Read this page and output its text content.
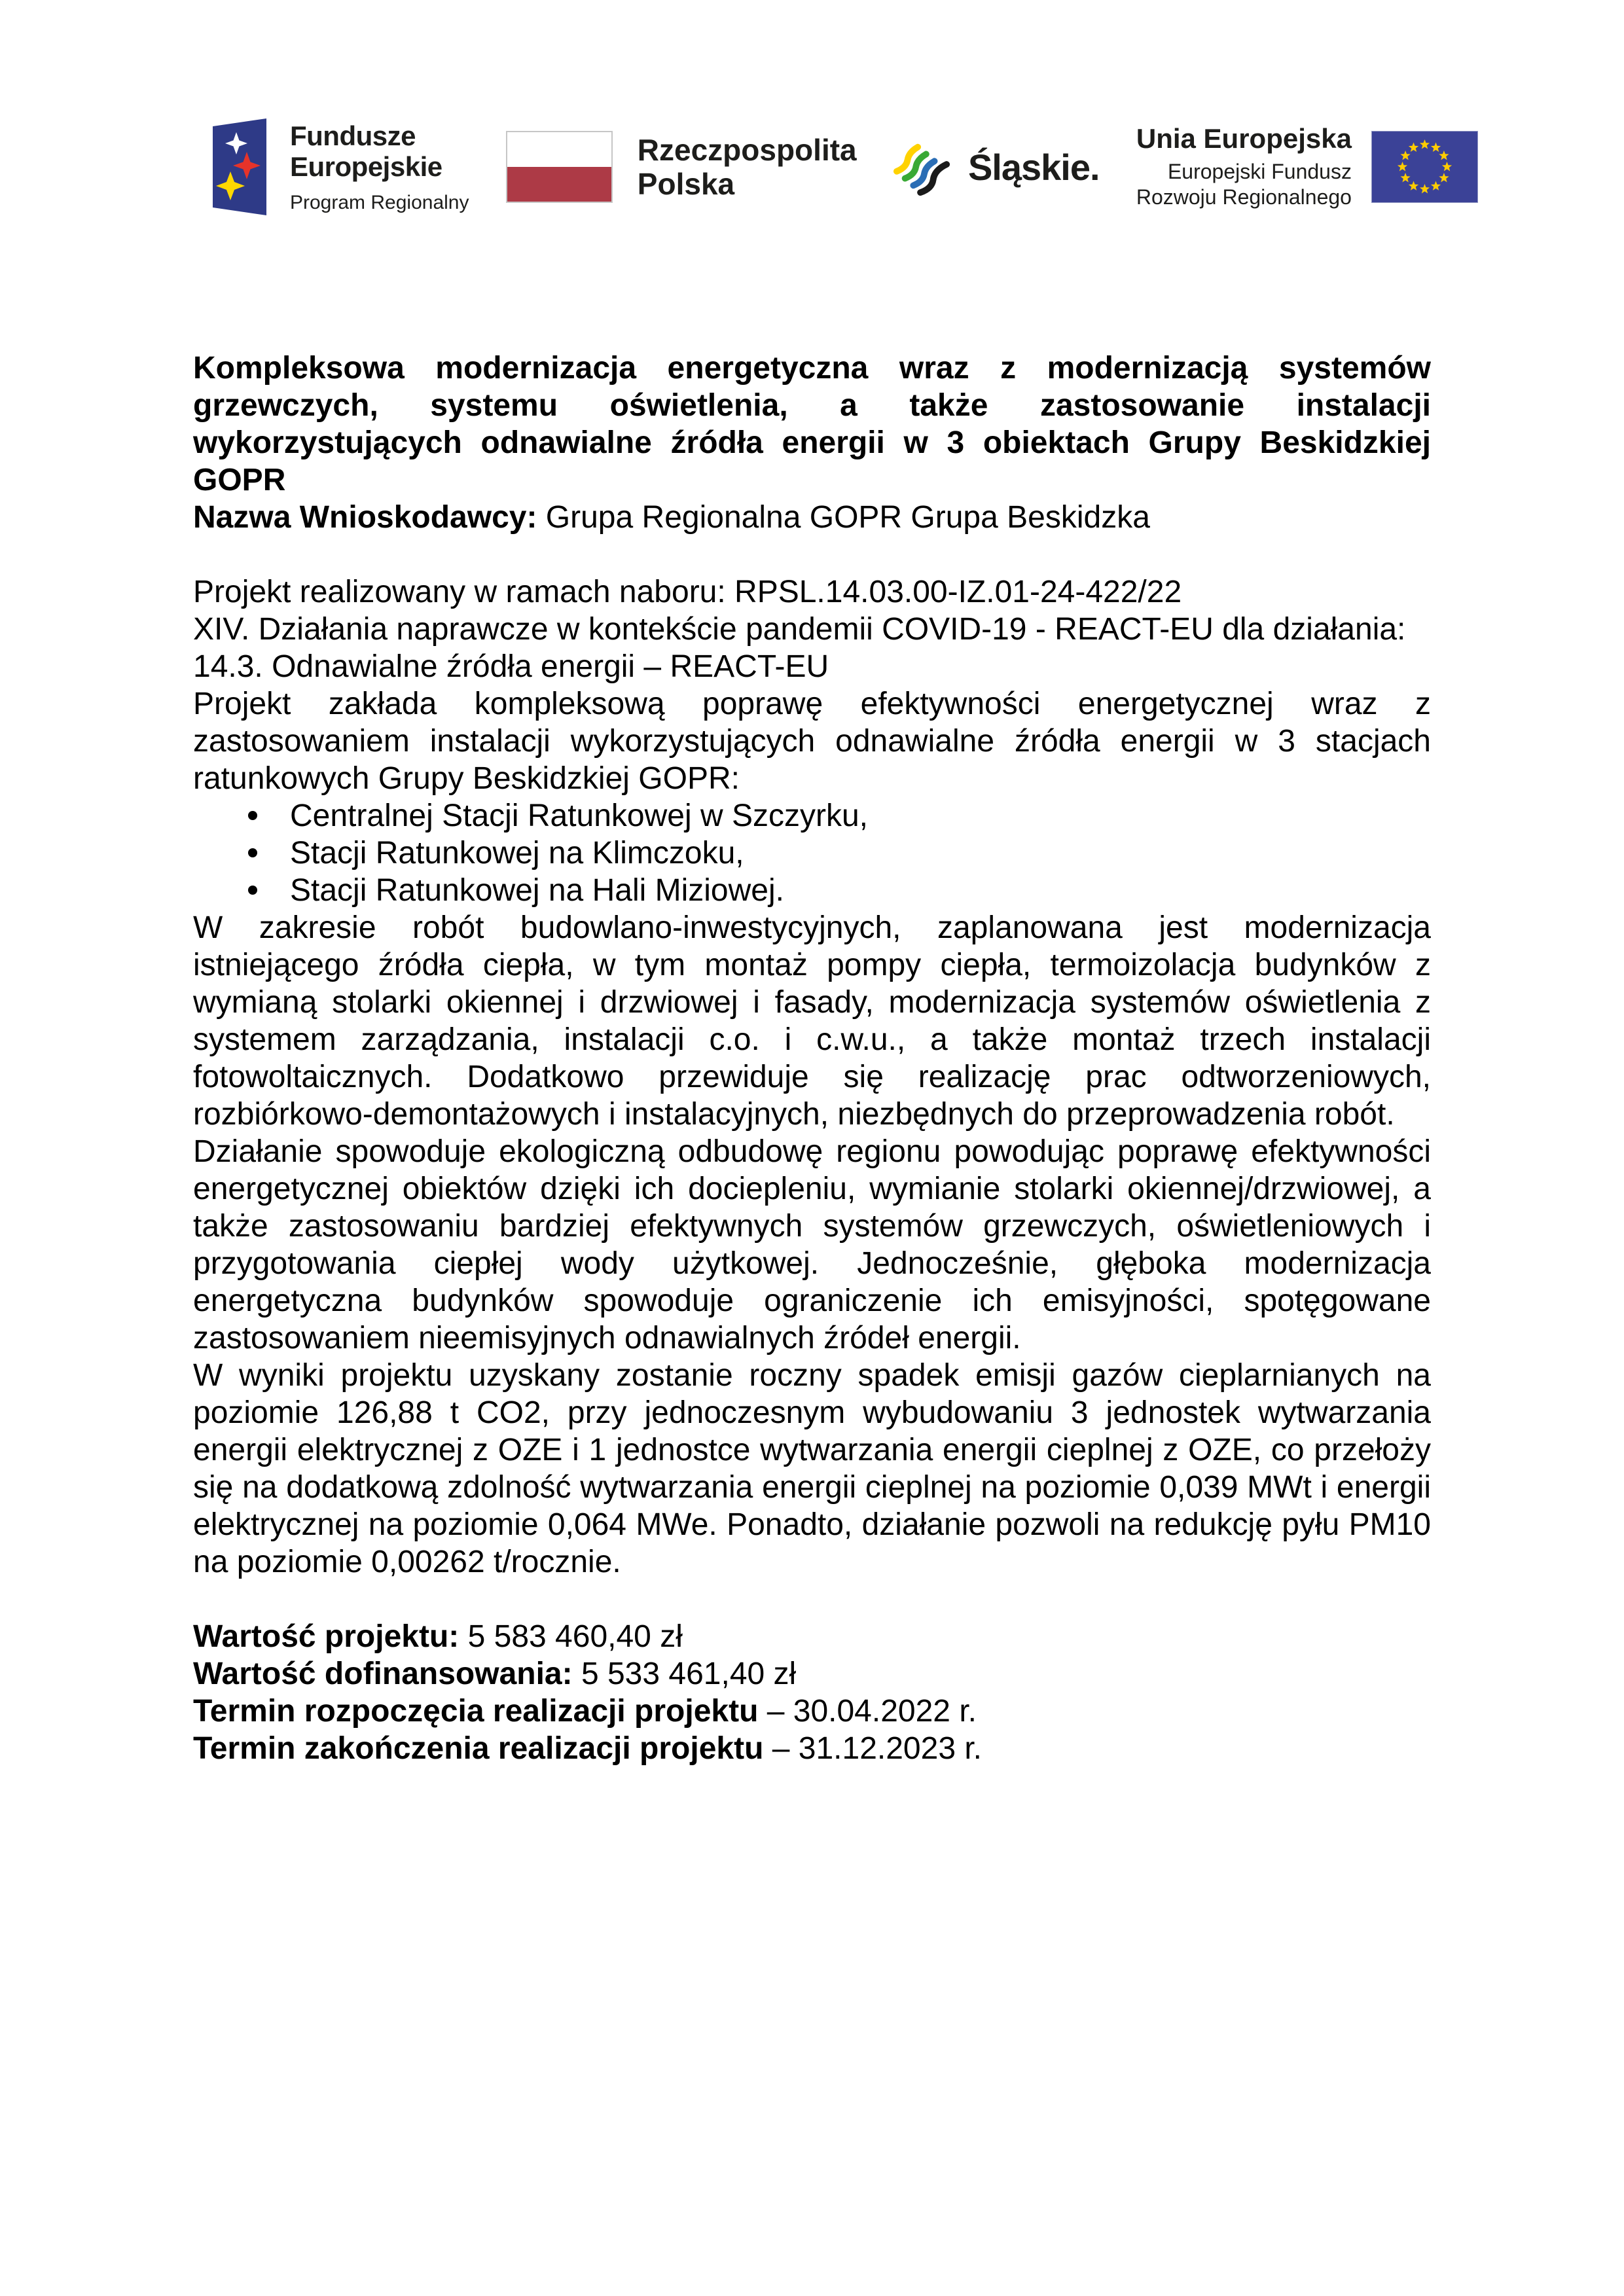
Fundusze
Europejskie
Program Regionalny
Rzeczpospolita
Polska	Śląskie.
Unia Europejska
Europejski Fundusz
Rozwoju Regionalnego
Kompleksowa modernizacja energetyczna wraz z modernizacją systemów
grzewczych, systemu oświetlenia, a także zastosowanie instalacji
wykorzystujących odnawialne źródła energii w 3 obiektach Grupy Beskidzkiej
GOPR

Nazwa Wnioskodawcy: Grupa Regionalna GOPR Grupa Beskidzka

Projekt realizowany w ramach naboru: RPSL.14.03.00-IZ.01-24-422/22
XIV. Działania naprawcze w kontekście pandemii COVID-19 - REACT-EU dla działania:
14.3. Odnawialne źródła energii – REACT-EU

Projekt zakłada kompleksową poprawę efektywności energetycznej wraz z zastosowaniem instalacji wykorzystujących odnawialne źródła energii w 3 stacjach ratunkowych Grupy Beskidzkiej GOPR:

Centralnej Stacji Ratunkowej w Szczyrku,
Stacji Ratunkowej na Klimczoku,
Stacji Ratunkowej na Hali Miziowej.

W zakresie robót budowlano-inwestycyjnych, zaplanowana jest modernizacja istniejącego źródła ciepła, w tym montaż pompy ciepła, termoizolacja budynków z wymianą stolarki okiennej i drzwiowej i fasady, modernizacja systemów oświetlenia z systemem zarządzania, instalacji c.o. i c.w.u., a także montaż trzech instalacji fotowoltaicznych. Dodatkowo przewiduje się realizację prac odtworzeniowych, rozbiórkowo-demontażowych i instalacyjnych, niezbędnych do przeprowadzenia robót.

Działanie spowoduje ekologiczną odbudowę regionu powodując poprawę efektywności energetycznej obiektów dzięki ich dociepleniu, wymianie stolarki okiennej/drzwiowej, a także zastosowaniu bardziej efektywnych systemów grzewczych, oświetleniowych i przygotowania ciepłej wody użytkowej. Jednocześnie, głęboka modernizacja energetyczna budynków spowoduje ograniczenie ich emisyjności, spotęgowane zastosowaniem nieemisyjnych odnawialnych źródeł energii.

W wyniki projektu uzyskany zostanie roczny spadek emisji gazów cieplarnianych na poziomie 126,88 t CO2, przy jednoczesnym wybudowaniu 3 jednostek wytwarzania energii elektrycznej z OZE i 1 jednostce wytwarzania energii cieplnej z OZE, co przełoży się na dodatkową zdolność wytwarzania energii cieplnej na poziomie 0,039 MWt i energii elektrycznej na poziomie 0,064 MWe. Ponadto, działanie pozwoli na redukcję pyłu PM10 na poziomie 0,00262 t/rocznie.

Wartość projektu: 5 583 460,40 zł
Wartość dofinansowania: 5 533 461,40 zł
Termin rozpoczęcia realizacji projektu – 30.04.2022 r.
Termin zakończenia realizacji projektu – 31.12.2023 r.
